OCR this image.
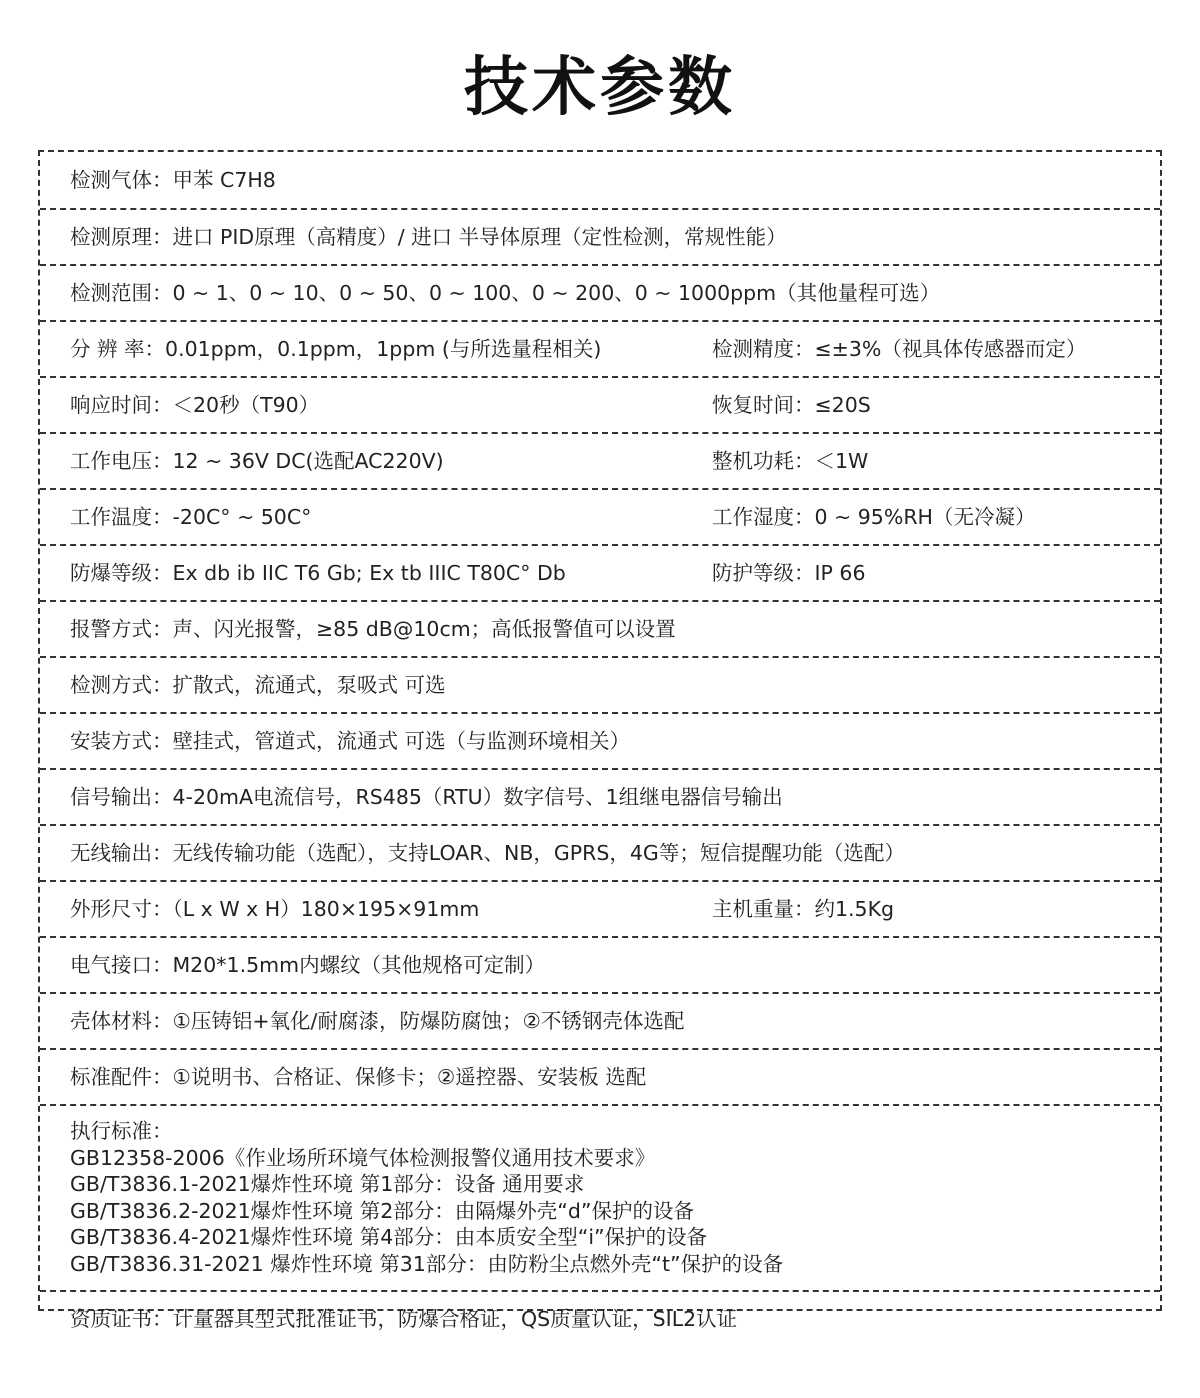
技术参数
检测气体：甲苯 C7H8
检测原理：进口 PID原理（高精度）/ 进口 半导体原理（定性检测，常规性能）
检测范围：0 ~ 1、0 ~ 10、0 ~ 50、0 ~ 100、0 ~ 200、0 ~ 1000ppm（其他量程可选）
分 辨 率：0.01ppm，0.1ppm，1ppm (与所选量程相关)	检测精度：≤±3%（视具体传感器而定）
响应时间：＜20秒（T90）	恢复时间：≤20S
工作电压：12 ~ 36V DC(选配AC220V)	整机功耗：＜1W
工作温度：-20C° ~ 50C°	工作湿度：0 ~ 95%RH（无冷凝）
防爆等级：Ex db ib IIC T6 Gb; Ex tb IIIC T80C° Db	防护等级：IP 66
报警方式：声、闪光报警，≥85 dB@10cm；高低报警值可以设置
检测方式：扩散式，流通式，泵吸式 可选
安装方式：壁挂式，管道式，流通式 可选（与监测环境相关）
信号输出：4-20mA电流信号，RS485（RTU）数字信号、1组继电器信号输出
无线输出：无线传输功能（选配），支持LOAR、NB，GPRS，4G等；短信提醒功能（选配）
外形尺寸：（L x W x H）180×195×91mm	主机重量：约1.5Kg
电气接口：M20*1.5mm内螺纹（其他规格可定制）
壳体材料：①压铸铝+氧化/耐腐漆，防爆防腐蚀；②不锈钢壳体选配
标准配件：①说明书、合格证、保修卡；②遥控器、安装板 选配
执行标准：
GB12358-2006《作业场所环境气体检测报警仪通用技术要求》
GB/T3836.1-2021爆炸性环境 第1部分：设备 通用要求
GB/T3836.2-2021爆炸性环境 第2部分：由隔爆外壳“d”保护的设备
GB/T3836.4-2021爆炸性环境 第4部分：由本质安全型“i”保护的设备
GB/T3836.31-2021 爆炸性环境 第31部分：由防粉尘点燃外壳“t”保护的设备
资质证书：计量器具型式批准证书，防爆合格证，QS质量认证，SIL2认证
